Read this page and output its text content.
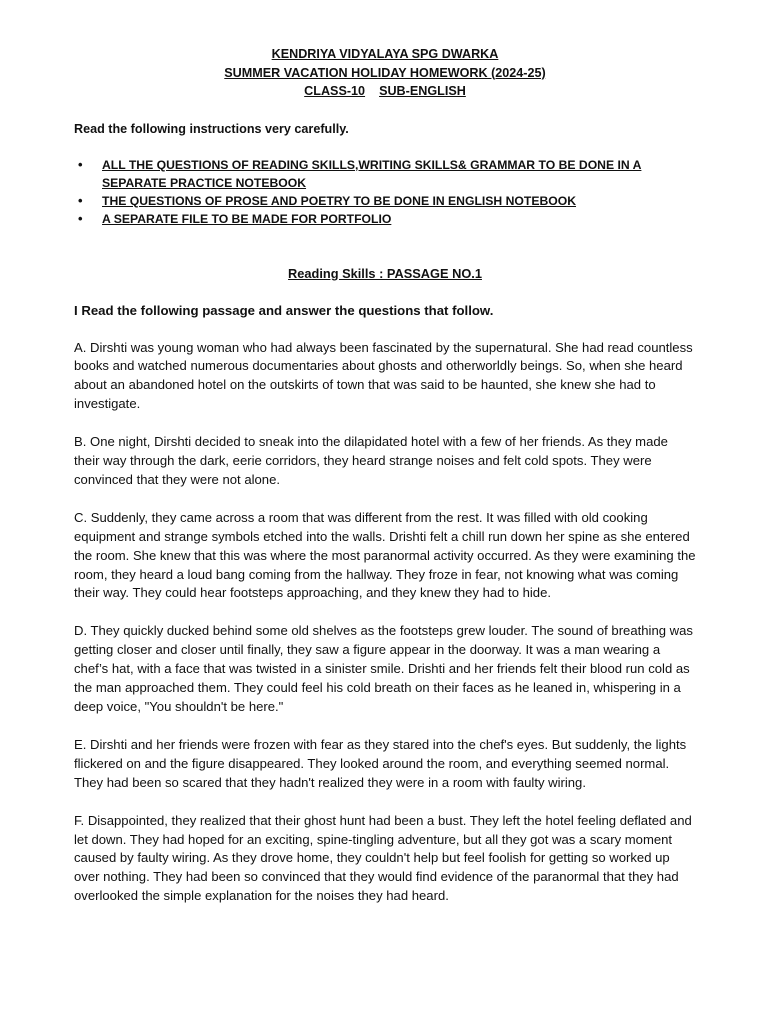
KENDRIYA VIDYALAYA SPG DWARKA
SUMMER VACATION HOLIDAY HOMEWORK (2024-25)
CLASS-10 SUB-ENGLISH
Read the following instructions very carefully.
• ALL THE QUESTIONS OF READING SKILLS,WRITING SKILLS& GRAMMAR TO BE DONE IN A SEPARATE PRACTICE NOTEBOOK
• THE QUESTIONS OF PROSE AND POETRY TO BE DONE IN ENGLISH NOTEBOOK
• A SEPARATE FILE TO BE MADE FOR PORTFOLIO
Reading Skills : PASSAGE NO.1
I Read the following passage and answer the questions that follow.
A. Dirshti was young woman who had always been fascinated by the supernatural. She had read countless books and watched numerous documentaries about ghosts and otherworldly beings. So, when she heard about an abandoned hotel on the outskirts of town that was said to be haunted, she knew she had to investigate.
B. One night, Dirshti decided to sneak into the dilapidated hotel with a few of her friends. As they made their way through the dark, eerie corridors, they heard strange noises and felt cold spots. They were convinced that they were not alone.
C. Suddenly, they came across a room that was different from the rest. It was filled with old cooking equipment and strange symbols etched into the walls. Drishti felt a chill run down her spine as she entered the room. She knew that this was where the most paranormal activity occurred. As they were examining the room, they heard a loud bang coming from the hallway. They froze in fear, not knowing what was coming their way. They could hear footsteps approaching, and they knew they had to hide.
D. They quickly ducked behind some old shelves as the footsteps grew louder. The sound of breathing was getting closer and closer until finally, they saw a figure appear in the doorway. It was a man wearing a chef’s hat, with a face that was twisted in a sinister smile. Drishti and her friends felt their blood run cold as the man approached them. They could feel his cold breath on their faces as he leaned in, whispering in a deep voice, "You shouldn't be here."
E. Dirshti and her friends were frozen with fear as they stared into the chef's eyes. But suddenly, the lights flickered on and the figure disappeared. They looked around the room, and everything seemed normal. They had been so scared that they hadn't realized they were in a room with faulty wiring.
F. Disappointed, they realized that their ghost hunt had been a bust. They left the hotel feeling deflated and let down. They had hoped for an exciting, spine-tingling adventure, but all they got was a scary moment caused by faulty wiring. As they drove home, they couldn't help but feel foolish for getting so worked up over nothing. They had been so convinced that they would find evidence of the paranormal that they had overlooked the simple explanation for the noises they had heard.
